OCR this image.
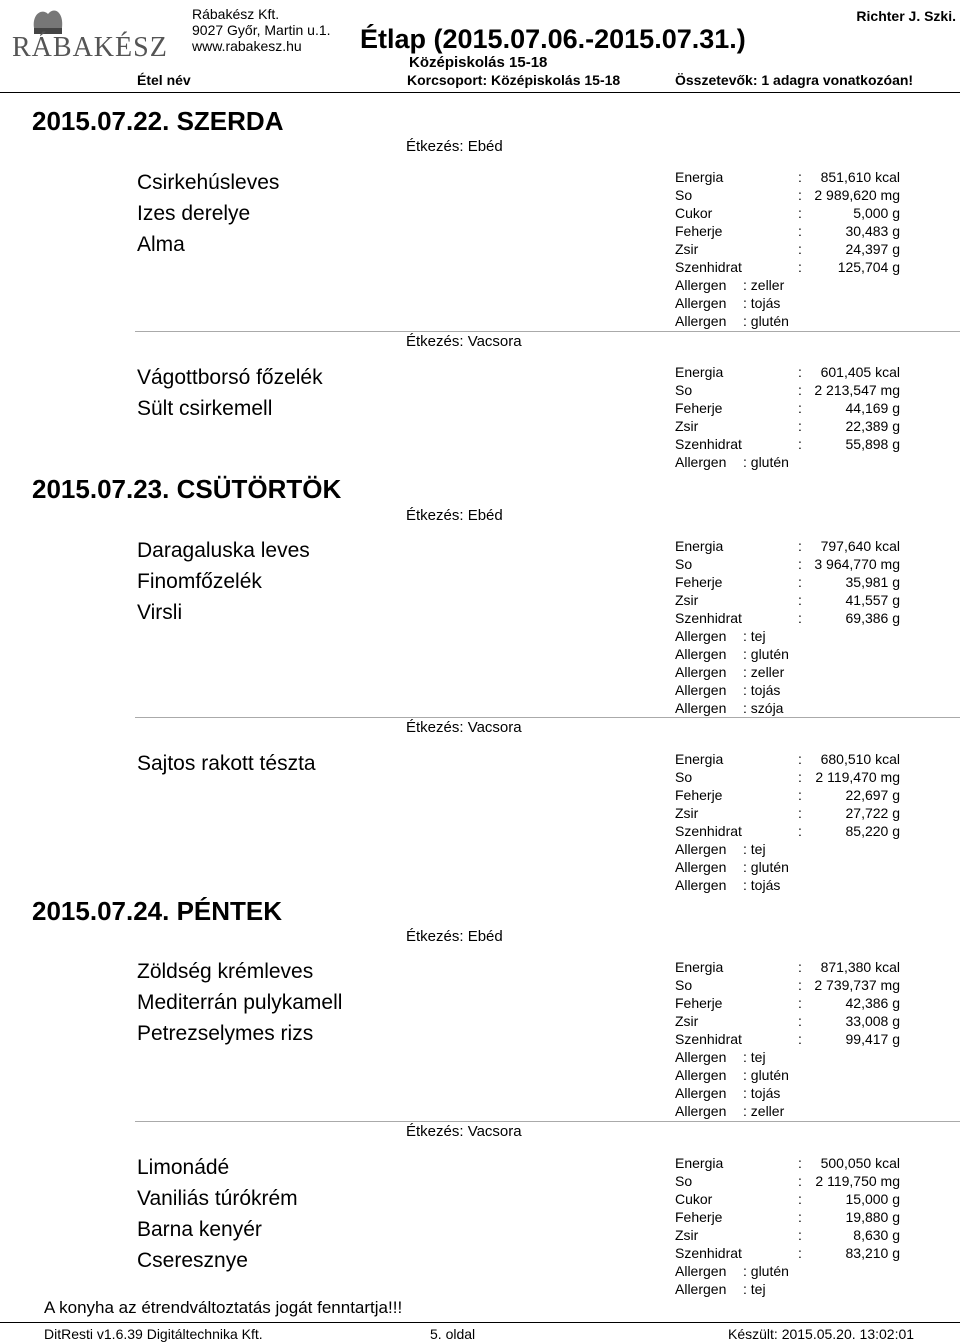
RÁBAKÉSZ
Rábakész Kft.
9027 Győr, Martin u.1.
www.rabakesz.hu Étlap (2015.07.06.-2015.07.31.)
Középiskolás 15-18
Richter J. Szki.
Étel név	Korcsoport: Középiskolás 15-18	Összetevők: 1 adagra vonatkozóan!
2015.07.22. SZERDA
2015.07.23. CSÜTÖRTÖK
2015.07.24. PÉNTEK
A konyha az étrendváltoztatás jogát fenntartja!!!
DitResti v1.6.39 Digitáltechnika Kft.	5. oldal	Készült: 2015.05.20. 13:02:01
Étkezés: Ebéd
Csirkehúsleves
Izes derelye
Alma
Energia	:	851,610 kcal
So	: 2 989,620 mg
Cukor	:	5,000 g
Feherje	:	30,483 g
Zsir	:	24,397 g
Szenhidrat	:	125,704 g
Allergen : zeller
Allergen : tojás
Allergen : glutén
Étkezés: Vacsora
Vágottborsó főzelék
Sült csirkemell
Energia	:	601,405 kcal
So	: 2 213,547 mg
Feherje	:	44,169 g
Zsir	:	22,389 g
Szenhidrat	:	55,898 g
Allergen : glutén
Étkezés: Ebéd
Daragaluska leves
Finomfőzelék
Virsli
Energia	:	797,640 kcal
So	: 3 964,770 mg
Feherje	:	35,981 g
Zsir	:	41,557 g
Szenhidrat	:	69,386 g
Allergen : tej
Allergen : glutén
Allergen : zeller
Allergen : tojás
Allergen : szója
Étkezés: Vacsora
Sajtos rakott tészta	Energia	:	680,510 kcal
So	: 2 119,470 mg
Feherje	:	22,697 g
Zsir	:	27,722 g
Szenhidrat	:	85,220 g
Allergen : tej
Allergen : glutén
Allergen : tojás
Étkezés: Ebéd
Zöldség krémleves
Mediterrán pulykamell
Petrezselymes rizs
Energia	:	871,380 kcal
So	: 2 739,737 mg
Feherje	:	42,386 g
Zsir	:	33,008 g
Szenhidrat	:	99,417 g
Allergen : tej
Allergen : glutén
Allergen : tojás
Allergen : zeller
Étkezés: Vacsora
Limonádé
Vaniliás túrókrém
Barna kenyér
Cseresznye
Energia	:	500,050 kcal
So	: 2 119,750 mg
Cukor	:	15,000 g
Feherje	:	19,880 g
Zsir	:	8,630 g
Szenhidrat	:	83,210 g
Allergen : glutén
Allergen : tej
